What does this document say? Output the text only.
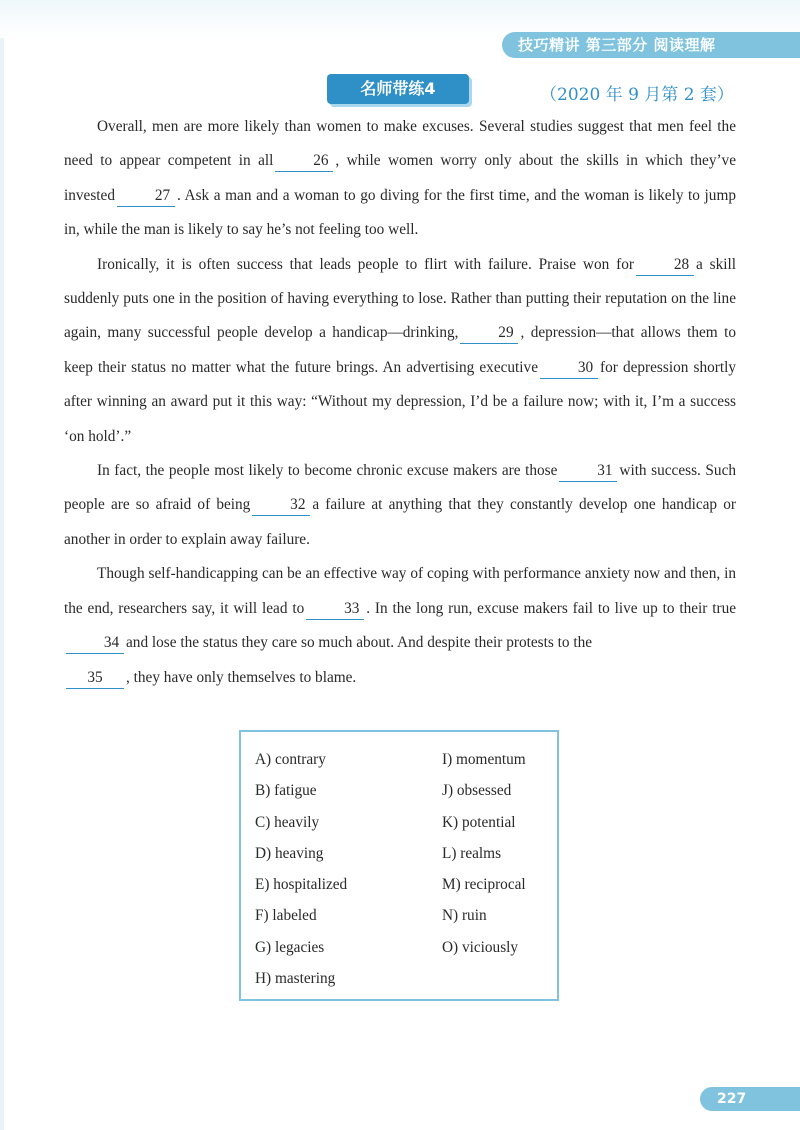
技巧精讲 第三部分 阅读理解
名师带练4	（2020 年 9 月第 2 套）

Overall, men are more likely than women to make excuses. Several studies suggest that men feel the need to appear competent in all	26 , while women worry only about the skills in which they’ve invested	27 . Ask a man and a woman to go diving for the first time, and the woman is likely to jump in, while the man is likely to say he’s not feeling too well.

Ironically, it is often success that leads people to flirt with failure. Praise won for	28 a skill suddenly puts one in the position of having everything to lose. Rather than putting their reputation on the line again, many successful people develop a handicap—drinking,	29 , depression—that allows them to keep their status no matter what the future brings. An advertising executive	30 for depression shortly after winning an award put it this way: “Without my depression, I’d be a failure now; with it, I’m a success ‘on hold’.”

In fact, the people most likely to become chronic excuse makers are those	31 with success. Such people are so afraid of being	32 a failure at anything that they constantly develop one handicap or another in order to explain away failure.

Though self-handicapping can be an effective way of coping with performance anxiety now and then, in the end, researchers say, it will lead to	33 . In the long run, excuse makers fail to live up to their true34 and lose the status they care so much about. And despite their protests to the

35 , they have only themselves to blame.

A) contrary
B) fatigue
C) heavily
D) heaving
E) hospitalized
F) labeled
G) legacies
H) mastering
I) momentum
J) obsessed
K) potential
L) realms
M) reciprocal
N) ruin
O) viciously
227
